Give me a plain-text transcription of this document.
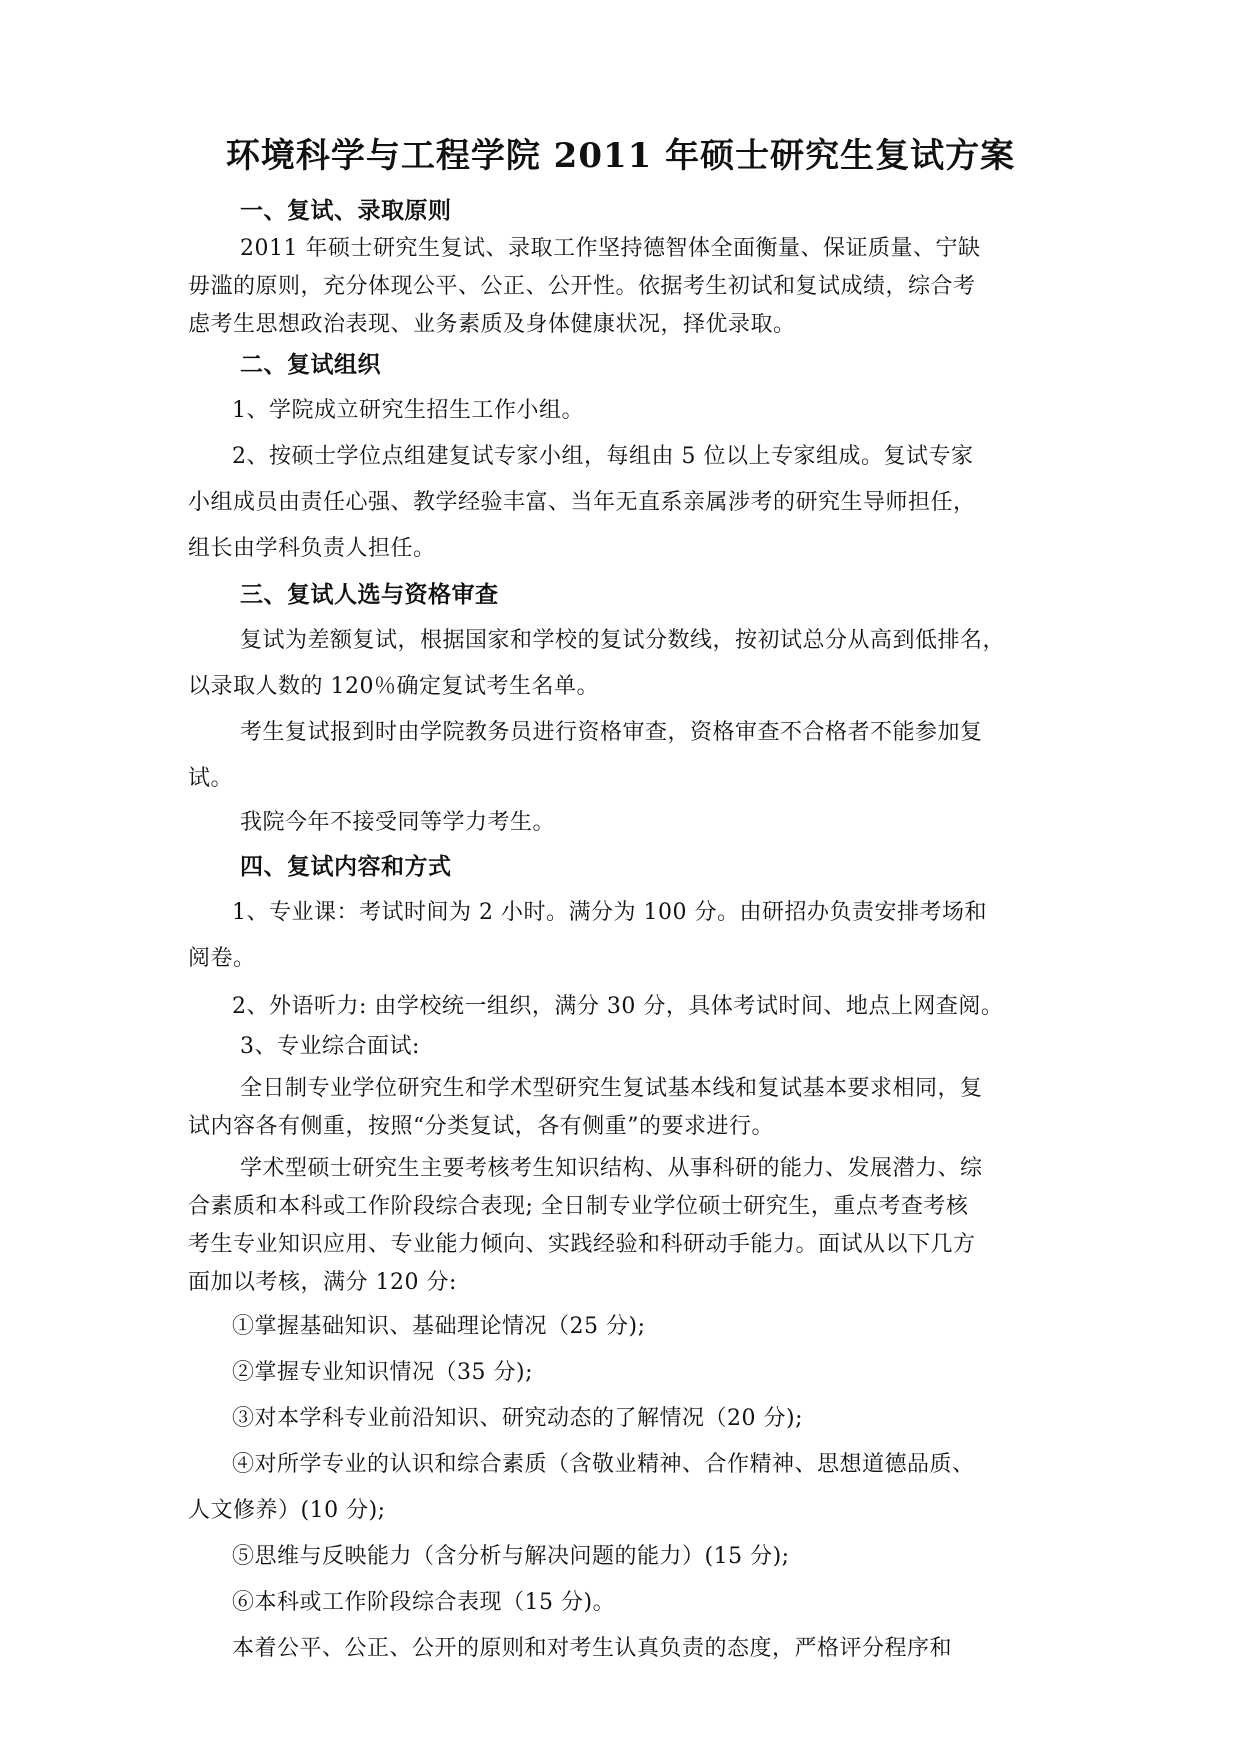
环境科学与工程学院 2011 年硕士研究生复试方案

一、复试、录取原则

2011 年硕士研究生复试、录取工作坚持德智体全面衡量、保证质量、宁缺

毋滥的原则，充分体现公平、公正、公开性。依据考生初试和复试成绩，综合考

虑考生思想政治表现、业务素质及身体健康状况，择优录取。

二、复试组织

1、学院成立研究生招生工作小组。

2、按硕士学位点组建复试专家小组，每组由 5 位以上专家组成。复试专家

小组成员由责任心强、教学经验丰富、当年无直系亲属涉考的研究生导师担任，

组长由学科负责人担任。

三、复试人选与资格审查

复试为差额复试，根据国家和学校的复试分数线，按初试总分从高到低排名，

以录取人数的 120％确定复试考生名单。

考生复试报到时由学院教务员进行资格审查，资格审查不合格者不能参加复

试。

我院今年不接受同等学力考生。

四、复试内容和方式

1、专业课：考试时间为 2 小时。满分为 100 分。由研招办负责安排考场和

阅卷。

2、外语听力: 由学校统一组织，满分 30 分，具体考试时间、地点上网查阅。

3、专业综合面试:

全日制专业学位研究生和学术型研究生复试基本线和复试基本要求相同，复

试内容各有侧重，按照“分类复试，各有侧重”的要求进行。

学术型硕士研究生主要考核考生知识结构、从事科研的能力、发展潜力、综

合素质和本科或工作阶段综合表现; 全日制专业学位硕士研究生，重点考查考核

考生专业知识应用、专业能力倾向、实践经验和科研动手能力。面试从以下几方

面加以考核，满分 120 分:

①掌握基础知识、基础理论情况（25 分);

②掌握专业知识情况（35 分);

③对本学科专业前沿知识、研究动态的了解情况（20 分);

④对所学专业的认识和综合素质（含敬业精神、合作精神、思想道德品质、

人文修养）(10 分);

⑤思维与反映能力（含分析与解决问题的能力）(15 分);

⑥本科或工作阶段综合表现（15 分)。

本着公平、公正、公开的原则和对考生认真负责的态度，严格评分程序和
